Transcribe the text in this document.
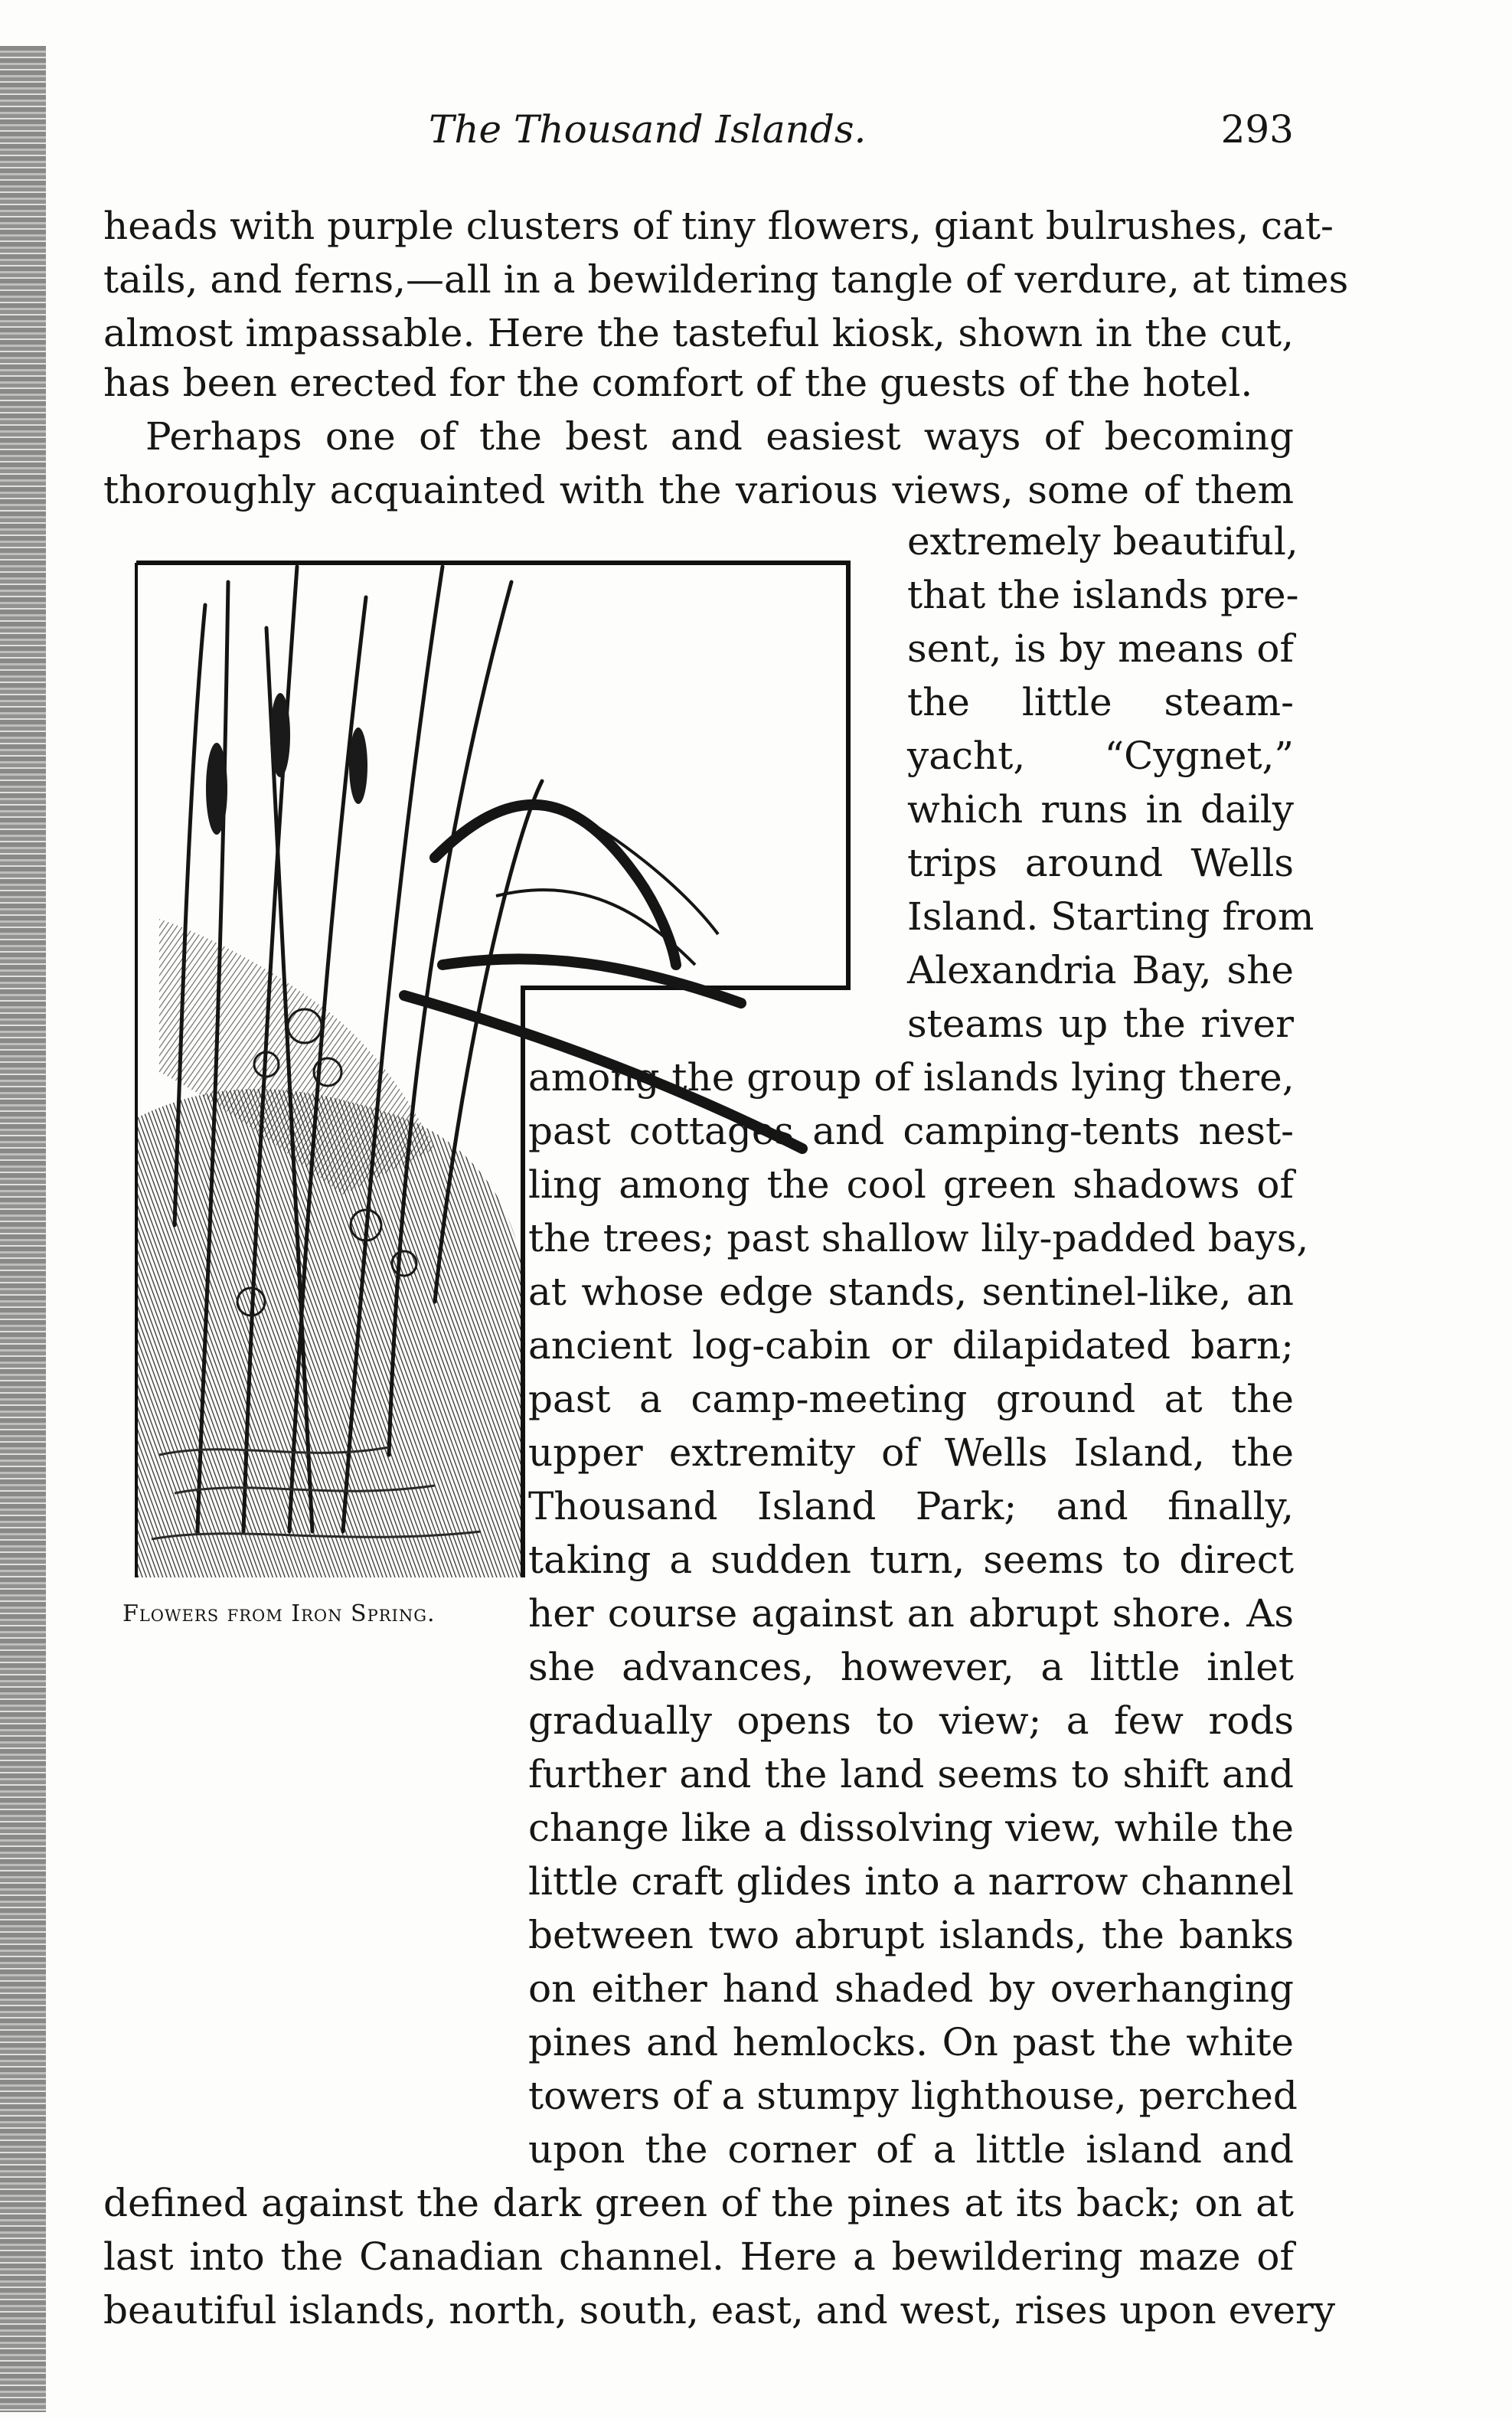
The Thousand Islands.	293
heads with purple clusters of tiny flowers, giant bulrushes, cat-
tails, and ferns,—all in a bewildering tangle of verdure, at times
almost impassable. Here the tasteful kiosk, shown in the cut,
has been erected for the comfort of the guests of the hotel.
Perhaps one of the best and easiest ways of becoming
thoroughly acquainted with the various views, some of them
extremely beautiful,
that the islands pre-
sent, is by means of
the little steam-
yacht, “Cygnet,”
which runs in daily
trips around Wells
Island. Starting from
Alexandria Bay, she
steams up the river
among the group of islands lying there,
past cottages and camping-tents nest-
ling among the cool green shadows of
the trees; past shallow lily-padded bays,
at whose edge stands, sentinel-like, an
ancient log-cabin or dilapidated barn;
past a camp-meeting ground at the
upper extremity of Wells Island, the
Thousand Island Park; and finally,
taking a sudden turn, seems to direct
her course against an abrupt shore. As
she advances, however, a little inlet
gradually opens to view; a few rods
further and the land seems to shift and
change like a dissolving view, while the
little craft glides into a narrow channel
between two abrupt islands, the banks
on either hand shaded by overhanging
pines and hemlocks. On past the white
towers of a stumpy lighthouse, perched
upon the corner of a little island and
defined against the dark green of the pines at its back; on at
last into the Canadian channel. Here a bewildering maze of
beautiful islands, north, south, east, and west, rises upon every
Flowers from Iron Spring.
